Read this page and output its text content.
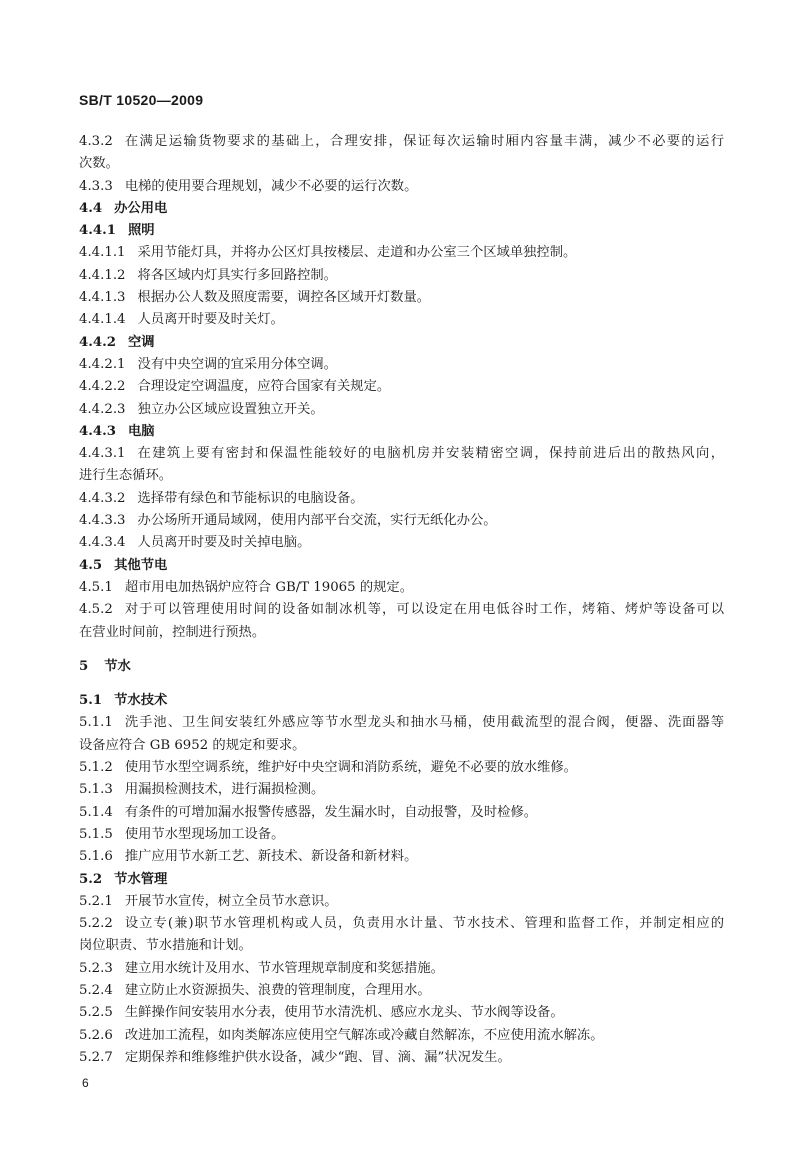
SB/T 10520—2009
4.3.2 在满足运输货物要求的基础上，合理安排，保证每次运输时厢内容量丰满，减少不必要的运行
次数。
4.3.3 电梯的使用要合理规划，减少不必要的运行次数。
4.4 办公用电
4.4.1 照明
4.4.1.1 采用节能灯具，并将办公区灯具按楼层、走道和办公室三个区域单独控制。
4.4.1.2 将各区域内灯具实行多回路控制。
4.4.1.3 根据办公人数及照度需要，调控各区域开灯数量。
4.4.1.4 人员离开时要及时关灯。
4.4.2 空调
4.4.2.1 没有中央空调的宜采用分体空调。
4.4.2.2 合理设定空调温度，应符合国家有关规定。
4.4.2.3 独立办公区域应设置独立开关。
4.4.3 电脑
4.4.3.1 在建筑上要有密封和保温性能较好的电脑机房并安装精密空调，保持前进后出的散热风向，
进行生态循环。
4.4.3.2 选择带有绿色和节能标识的电脑设备。
4.4.3.3 办公场所开通局域网，使用内部平台交流，实行无纸化办公。
4.4.3.4 人员离开时要及时关掉电脑。
4.5 其他节电
4.5.1 超市用电加热锅炉应符合 GB/T 19065 的规定。
4.5.2 对于可以管理使用时间的设备如制冰机等，可以设定在用电低谷时工作，烤箱、烤炉等设备可以
在营业时间前，控制进行预热。
5 节水
5.1 节水技术
5.1.1 洗手池、卫生间安装红外感应等节水型龙头和抽水马桶，使用截流型的混合阀，便器、洗面器等
设备应符合 GB 6952 的规定和要求。
5.1.2 使用节水型空调系统，维护好中央空调和消防系统，避免不必要的放水维修。
5.1.3 用漏损检测技术，进行漏损检测。
5.1.4 有条件的可增加漏水报警传感器，发生漏水时，自动报警，及时检修。
5.1.5 使用节水型现场加工设备。
5.1.6 推广应用节水新工艺、新技术、新设备和新材料。
5.2 节水管理
5.2.1 开展节水宣传，树立全员节水意识。
5.2.2 设立专(兼)职节水管理机构或人员，负责用水计量、节水技术、管理和监督工作，并制定相应的
岗位职责、节水措施和计划。
5.2.3 建立用水统计及用水、节水管理规章制度和奖惩措施。
5.2.4 建立防止水资源损失、浪费的管理制度，合理用水。
5.2.5 生鲜操作间安装用水分表，使用节水清洗机、感应水龙头、节水阀等设备。
5.2.6 改进加工流程，如肉类解冻应使用空气解冻或冷藏自然解冻，不应使用流水解冻。
5.2.7 定期保养和维修维护供水设备，减少“跑、冒、滴、漏”状况发生。
6
